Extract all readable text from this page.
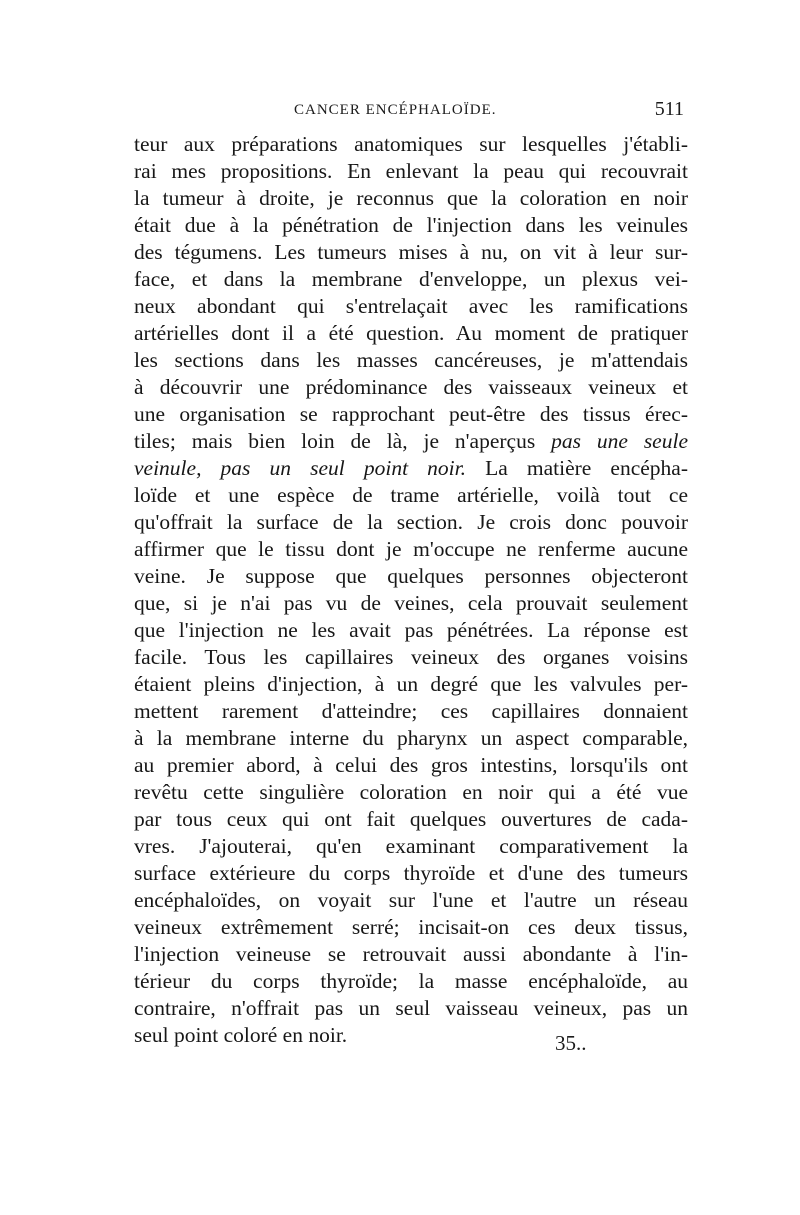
CANCER ENCÉPHALOÏDE.	511
teur aux préparations anatomiques sur lesquelles j'établi-
rai mes propositions. En enlevant la peau qui recouvrait
la tumeur à droite, je reconnus que la coloration en noir
était due à la pénétration de l'injection dans les veinules
des tégumens. Les tumeurs mises à nu, on vit à leur sur-
face, et dans la membrane d'enveloppe, un plexus vei-
neux abondant qui s'entrelaçait avec les ramifications
artérielles dont il a été question. Au moment de pratiquer
les sections dans les masses cancéreuses, je m'attendais
à découvrir une prédominance des vaisseaux veineux et
une organisation se rapprochant peut-être des tissus érec-
tiles; mais bien loin de là, je n'aperçus pas une seule
veinule, pas un seul point noir. La matière encépha-
loïde et une espèce de trame artérielle, voilà tout ce
qu'offrait la surface de la section. Je crois donc pouvoir
affirmer que le tissu dont je m'occupe ne renferme aucune
veine. Je suppose que quelques personnes objecteront
que, si je n'ai pas vu de veines, cela prouvait seulement
que l'injection ne les avait pas pénétrées. La réponse est
facile. Tous les capillaires veineux des organes voisins
étaient pleins d'injection, à un degré que les valvules per-
mettent rarement d'atteindre; ces capillaires donnaient
à la membrane interne du pharynx un aspect comparable,
au premier abord, à celui des gros intestins, lorsqu'ils ont
revêtu cette singulière coloration en noir qui a été vue
par tous ceux qui ont fait quelques ouvertures de cada-
vres. J'ajouterai, qu'en examinant comparativement la
surface extérieure du corps thyroïde et d'une des tumeurs
encéphaloïdes, on voyait sur l'une et l'autre un réseau
veineux extrêmement serré; incisait-on ces deux tissus,
l'injection veineuse se retrouvait aussi abondante à l'in-
térieur du corps thyroïde; la masse encéphaloïde, au
contraire, n'offrait pas un seul vaisseau veineux, pas un
seul point coloré en noir.	35..
